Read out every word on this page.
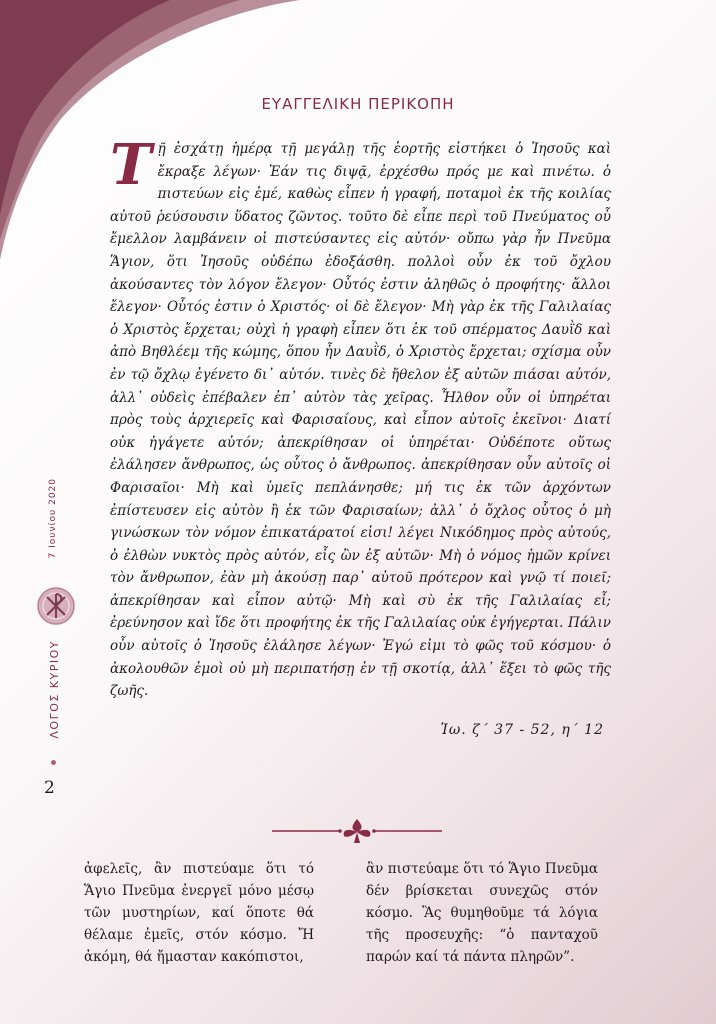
ΕΥΑΓΓΕΛΙΚΗ ΠΕΡΙΚΟΠΗ
Τῇ ἐσχάτῃ ἡμέρᾳ τῇ μεγάλῃ τῆς ἑορτῆς εἱστήκει ὁ Ἰησοῦς καὶ ἔκραξε λέγων· Ἐάν τις διψᾷ, ἐρχέσθω πρός με καὶ πινέτω. ὁ πιστεύων εἰς ἐμέ, καθὼς εἶπεν ἡ γραφή, ποταμοὶ ἐκ τῆς κοιλίας αὐτοῦ ῥεύσουσιν ὕδατος ζῶντος. τοῦτο δὲ εἶπε περὶ τοῦ Πνεύματος οὗ ἔμελλον λαμβάνειν οἱ πιστεύσαντες εἰς αὐτόν· οὔπω γὰρ ἦν Πνεῦμα Ἅγιον, ὅτι Ἰησοῦς οὐδέπω ἐδοξάσθη. πολλοὶ οὖν ἐκ τοῦ ὄχλου ἀκούσαντες τὸν λόγον ἔλεγον· Οὗτός ἐστιν ἀληθῶς ὁ προφήτης· ἄλλοι ἔλεγον· Οὗτός ἐστιν ὁ Χριστός· οἱ δὲ ἔλεγον· Μὴ γὰρ ἐκ τῆς Γαλιλαίας ὁ Χριστὸς ἔρχεται; οὐχὶ ἡ γραφὴ εἶπεν ὅτι ἐκ τοῦ σπέρματος Δαυῒδ καὶ ἀπὸ Βηθλέεμ τῆς κώμης, ὅπου ἦν Δαυῒδ, ὁ Χριστὸς ἔρχεται; σχίσμα οὖν ἐν τῷ ὄχλῳ ἐγένετο δι᾿ αὐτόν. τινὲς δὲ ἤθελον ἐξ αὐτῶν πιάσαι αὐτόν, ἀλλ᾿ οὐδεὶς ἐπέβαλεν ἐπ᾿ αὐτὸν τὰς χεῖρας. Ἦλθον οὖν οἱ ὑπηρέται πρὸς τοὺς ἀρχιερεῖς καὶ Φαρισαίους, καὶ εἶπον αὐτοῖς ἐκεῖνοι· Διατί οὐκ ἠγάγετε αὐτόν; ἀπεκρίθησαν οἱ ὑπηρέται· Οὐδέποτε οὕτως ἐλάλησεν ἄνθρωπος, ὡς οὗτος ὁ ἄνθρωπος. ἀπεκρίθησαν οὖν αὐτοῖς οἱ Φαρισαῖοι· Μὴ καὶ ὑμεῖς πεπλάνησθε; μή τις ἐκ τῶν ἀρχόντων ἐπίστευσεν εἰς αὐτὸν ἢ ἐκ τῶν Φαρισαίων; ἀλλ᾿ ὁ ὄχλος οὗτος ὁ μὴ γινώσκων τὸν νόμον ἐπικατάρατοί εἰσι! λέγει Νικόδημος πρὸς αὐτούς, ὁ ἐλθὼν νυκτὸς πρὸς αὐτόν, εἷς ὢν ἐξ αὐτῶν· Μὴ ὁ νόμος ἡμῶν κρίνει τὸν ἄνθρωπον, ἐὰν μὴ ἀκούσῃ παρ᾿ αὐτοῦ πρότερον καὶ γνῷ τί ποιεῖ; ἀπεκρίθησαν καὶ εἶπον αὐτῷ· Μὴ καὶ σὺ ἐκ τῆς Γαλιλαίας εἶ; ἐρεύνησον καὶ ἴδε ὅτι προφήτης ἐκ τῆς Γαλιλαίας οὐκ ἐγήγερται. Πάλιν οὖν αὐτοῖς ὁ Ἰησοῦς ἐλάλησε λέγων· Ἐγώ εἰμι τὸ φῶς τοῦ κόσμου· ὁ ἀκολουθῶν ἐμοὶ οὐ μὴ περιπατήσῃ ἐν τῇ σκοτίᾳ, ἀλλ᾿ ἕξει τὸ φῶς τῆς ζωῆς.
Ἰω. ζ΄ 37 - 52, η΄ 12
7 Ιουνίου 2020
ΛΟΓΟΣ ΚΥΡΙΟΥ
2
ἀφελεῖς, ἂν πιστεύαμε ὅτι τό Ἅγιο Πνεῦμα ἐνεργεῖ μόνο μέσῳ τῶν μυστηρίων, καί ὅποτε θά θέλαμε ἐμεῖς, στόν κόσμο. Ἤ ἀκόμη, θά ἤμασταν κακόπιστοι,
ἂν πιστεύαμε ὅτι τό Ἅγιο Πνεῦμα δέν βρίσκεται συνεχῶς στόν κόσμο. Ἂς θυμηθοῦμε τά λόγια τῆς προσευχῆς: “ὁ πανταχοῦ παρών καί τά πάντα πληρῶν”.
